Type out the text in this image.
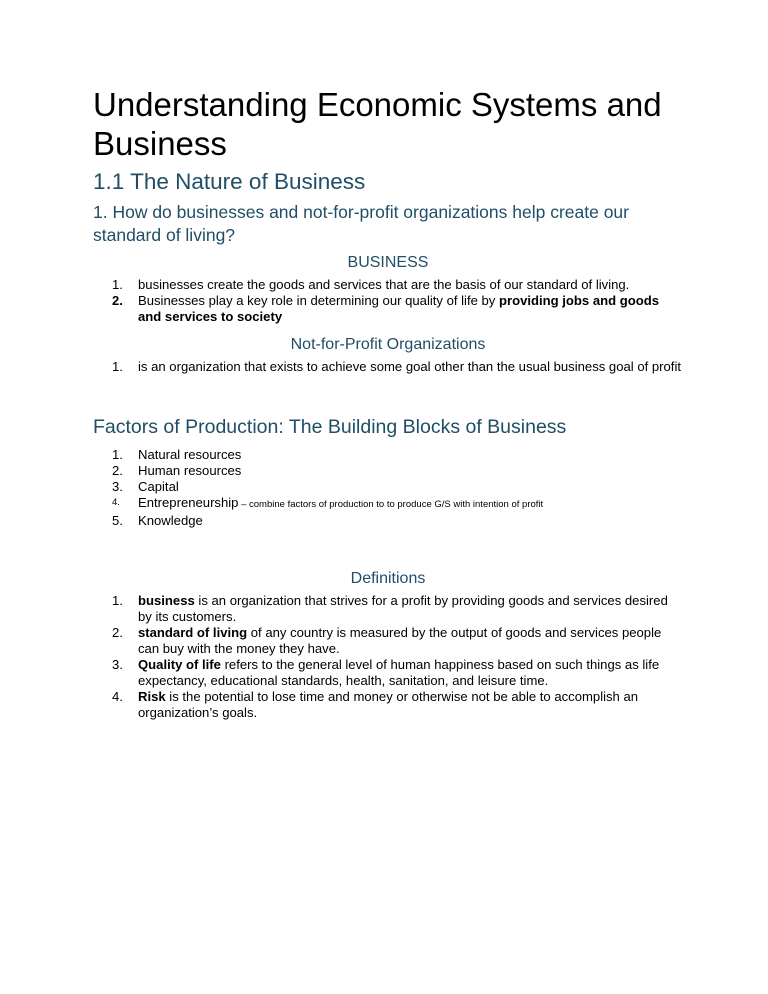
Understanding Economic Systems and Business
1.1 The Nature of Business
1. How do businesses and not-for-profit organizations help create our standard of living?
BUSINESS
1. businesses create the goods and services that are the basis of our standard of living.
2. Businesses play a key role in determining our quality of life by providing jobs and goods and services to society
Not-for-Profit Organizations
1. is an organization that exists to achieve some goal other than the usual business goal of profit
Factors of Production: The Building Blocks of Business
1. Natural resources
2. Human resources
3. Capital
4. Entrepreneurship – combine factors of production to to produce G/S with intention of profit
5. Knowledge
Definitions
1. business is an organization that strives for a profit by providing goods and services desired by its customers.
2. standard of living of any country is measured by the output of goods and services people can buy with the money they have.
3. Quality of life refers to the general level of human happiness based on such things as life expectancy, educational standards, health, sanitation, and leisure time.
4. Risk is the potential to lose time and money or otherwise not be able to accomplish an organization’s goals.
